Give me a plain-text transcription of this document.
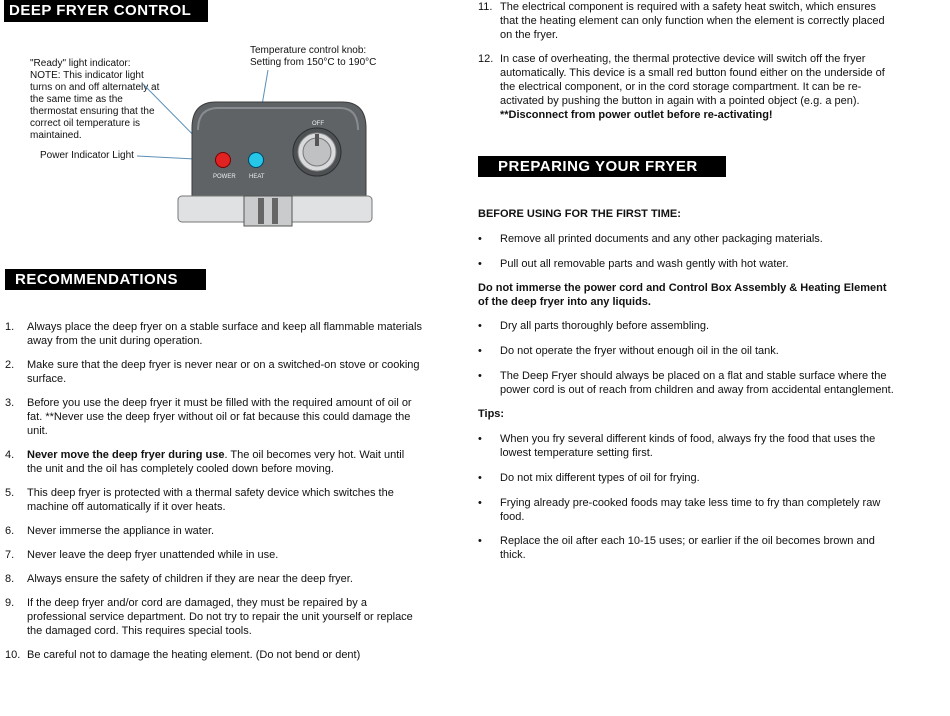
DEEP FRYER CONTROL
"Ready" light indicator:
NOTE: This indicator light
turns on and off alternately at
the same time as the
thermostat ensuring that the
correct oil temperature is
maintained.
Temperature control knob:
Setting from 150°C to 190°C
Power Indicator Light
POWER HEAT
OFF
RECOMMENDATIONS
1. Always place the deep fryer on a stable surface and keep all flammable materials
away from the unit during operation.
2. Make sure that the deep fryer is never near or on a switched-on stove or cooking
surface.
3. Before you use the deep fryer it must be filled with the required amount of oil or
fat. **Never use the deep fryer without oil or fat because this could damage the
unit.
4. Never move the deep fryer during use. The oil becomes very hot. Wait until
the unit and the oil has completely cooled down before moving.
5. This deep fryer is protected with a thermal safety device which switches the
machine off automatically if it over heats.
6. Never immerse the appliance in water.
7. Never leave the deep fryer unattended while in use.
8. Always ensure the safety of children if they are near the deep fryer.
9. If the deep fryer and/or cord are damaged, they must be repaired by a
professional service department. Do not try to repair the unit yourself or replace
the damaged cord. This requires special tools.
10. Be careful not to damage the heating element. (Do not bend or dent)
11. The electrical component is required with a safety heat switch, which ensures
that the heating element can only function when the element is correctly placed
on the fryer.
12. In case of overheating, the thermal protective device will switch off the fryer
automatically. This device is a small red button found either on the underside of
the electrical component, or in the cord storage compartment. It can be re-
activated by pushing the button in again with a pointed object (e.g. a pen).
**Disconnect from power outlet before re-activating!
PREPARING YOUR FRYER
BEFORE USING FOR THE FIRST TIME:
• Remove all printed documents and any other packaging materials.
• Pull out all removable parts and wash gently with hot water.
Do not immerse the power cord and Control Box Assembly & Heating Element
of the deep fryer into any liquids.
• Dry all parts thoroughly before assembling.
• Do not operate the fryer without enough oil in the oil tank.
• The Deep Fryer should always be placed on a flat and stable surface where the
power cord is out of reach from children and away from accidental entanglement.
Tips:
• When you fry several different kinds of food, always fry the food that uses the
lowest temperature setting first.
• Do not mix different types of oil for frying.
• Frying already pre-cooked foods may take less time to fry than completely raw
food.
• Replace the oil after each 10-15 uses; or earlier if the oil becomes brown and
thick.
